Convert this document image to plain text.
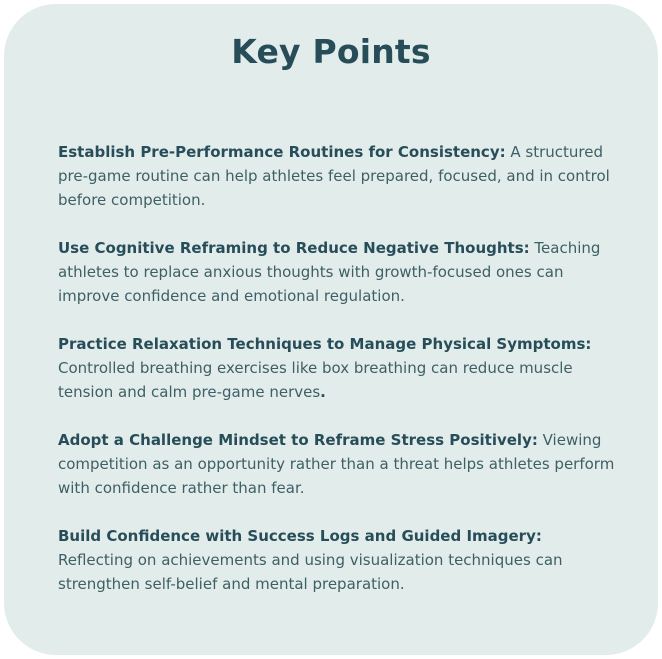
Key Points

Establish Pre-Performance Routines for Consistency: A structured pre-game routine can help athletes feel prepared, focused, and in control before competition.

Use Cognitive Reframing to Reduce Negative Thoughts: Teaching athletes to replace anxious thoughts with growth-focused ones can improve confidence and emotional regulation.

Practice Relaxation Techniques to Manage Physical Symptoms: Controlled breathing exercises like box breathing can reduce muscle tension and calm pre-game nerves.

Adopt a Challenge Mindset to Reframe Stress Positively: Viewing competition as an opportunity rather than a threat helps athletes perform with confidence rather than fear.

Build Confidence with Success Logs and Guided Imagery: Reflecting on achievements and using visualization techniques can strengthen self-belief and mental preparation.
